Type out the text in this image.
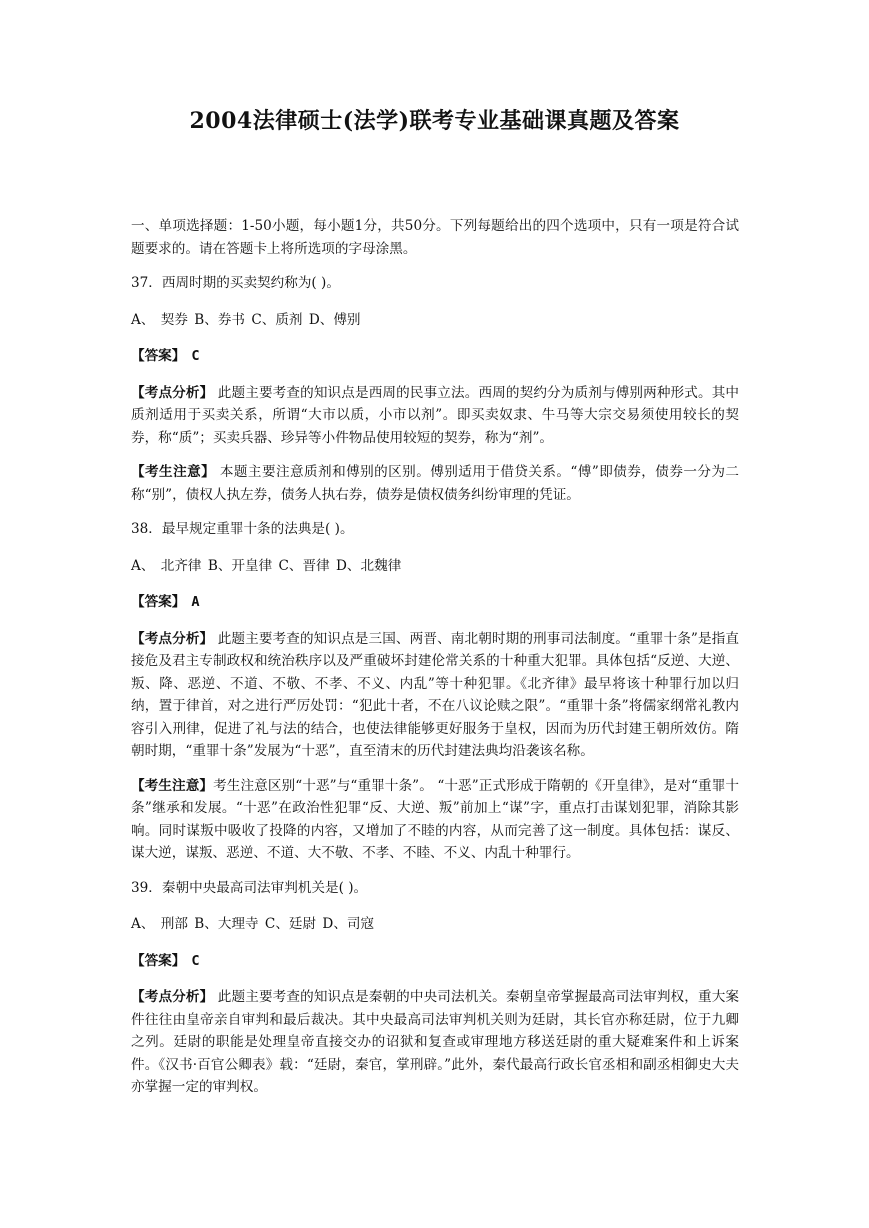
2004法律硕士(法学)联考专业基础课真题及答案

一、单项选择题：1-50小题，每小题1分，共50分。下列每题给出的四个选项中，只有一项是符合试题要求的。请在答题卡上将所选项的字母涂黑。

37．西周时期的买卖契约称为( )。

A、 契券 B、券书 C、质剂 D、傅别

【答案】 C

【考点分析】 此题主要考查的知识点是西周的民事立法。西周的契约分为质剂与傅别两种形式。其中质剂适用于买卖关系，所谓“大市以质，小市以剂”。即买卖奴隶、牛马等大宗交易须使用较长的契券，称“质”；买卖兵器、珍异等小件物品使用较短的契券，称为“剂”。

【考生注意】 本题主要注意质剂和傅别的区别。傅别适用于借贷关系。“傅”即债券，债券一分为二称“别”，债权人执左券，债务人执右券，债券是债权债务纠纷审理的凭证。

38．最早规定重罪十条的法典是( )。

A、 北齐律 B、开皇律 C、晋律 D、北魏律

【答案】 A

【考点分析】 此题主要考查的知识点是三国、两晋、南北朝时期的刑事司法制度。“重罪十条”是指直接危及君主专制政权和统治秩序以及严重破坏封建伦常关系的十种重大犯罪。具体包括“反逆、大逆、叛、降、恶逆、不道、不敬、不孝、不义、内乱”等十种犯罪。《北齐律》最早将该十种罪行加以归纳，置于律首，对之进行严厉处罚：“犯此十者，不在八议论赎之限”。“重罪十条”将儒家纲常礼教内容引入刑律，促进了礼与法的结合，也使法律能够更好服务于皇权，因而为历代封建王朝所效仿。隋朝时期，“重罪十条”发展为“十恶”，直至清末的历代封建法典均沿袭该名称。

【考生注意】考生注意区别“十恶”与“重罪十条”。 “十恶”正式形成于隋朝的《开皇律》，是对“重罪十条”继承和发展。“十恶”在政治性犯罪“反、大逆、叛”前加上“谋”字，重点打击谋划犯罪，消除其影响。同时谋叛中吸收了投降的内容，又增加了不睦的内容，从而完善了这一制度。具体包括：谋反、谋大逆，谋叛、恶逆、不道、大不敬、不孝、不睦、不义、内乱十种罪行。

39．秦朝中央最高司法审判机关是( )。

A、 刑部 B、大理寺 C、廷尉 D、司寇

【答案】 C

【考点分析】 此题主要考查的知识点是秦朝的中央司法机关。秦朝皇帝掌握最高司法审判权，重大案件往往由皇帝亲自审判和最后裁决。其中央最高司法审判机关则为廷尉，其长官亦称廷尉，位于九卿之列。廷尉的职能是处理皇帝直接交办的诏狱和复查或审理地方移送廷尉的重大疑难案件和上诉案件。《汉书·百官公卿表》载：“廷尉，秦官，掌刑辟。”此外，秦代最高行政长官丞相和副丞相御史大夫亦掌握一定的审判权。
